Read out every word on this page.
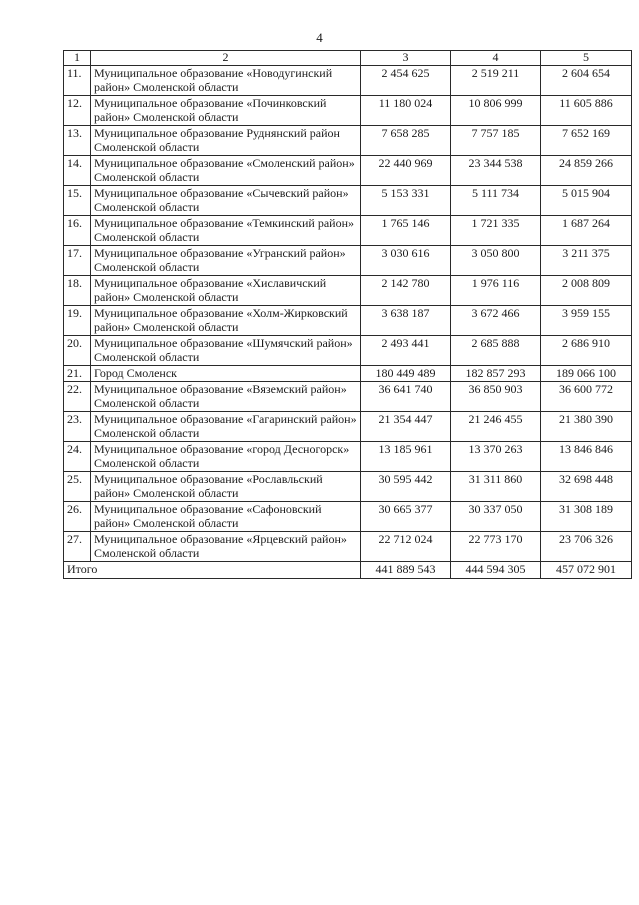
4
1	2	3	4	5
11.	Муниципальное образование «Новодугинский район» Смоленской области	2 454 625	2 519 211	2 604 654
12.	Муниципальное образование «Починковский район» Смоленской области	11 180 024	10 806 999	11 605 886
13.	Муниципальное образование Руднянский район Смоленской области	7 658 285	7 757 185	7 652 169
14.	Муниципальное образование «Смоленский район» Смоленской области	22 440 969	23 344 538	24 859 266
15.	Муниципальное образование «Сычевский район» Смоленской области	5 153 331	5 111 734	5 015 904
16.	Муниципальное образование «Темкинский район» Смоленской области	1 765 146	1 721 335	1 687 264
17.	Муниципальное образование «Угранский район» Смоленской области	3 030 616	3 050 800	3 211 375
18.	Муниципальное образование «Хиславичский район» Смоленской области	2 142 780	1 976 116	2 008 809
19.	Муниципальное образование «Холм-Жирковский район» Смоленской области	3 638 187	3 672 466	3 959 155
20.	Муниципальное образование «Шумячский район» Смоленской области	2 493 441	2 685 888	2 686 910
21.	Город Смоленск	180 449 489	182 857 293	189 066 100
22.	Муниципальное образование «Вяземский район» Смоленской области	36 641 740	36 850 903	36 600 772
23.	Муниципальное образование «Гагаринский район» Смоленской области	21 354 447	21 246 455	21 380 390
24.	Муниципальное образование «город Десногорск» Смоленской области	13 185 961	13 370 263	13 846 846
25.	Муниципальное образование «Рославльский район» Смоленской области	30 595 442	31 311 860	32 698 448
26.	Муниципальное образование «Сафоновский район» Смоленской области	30 665 377	30 337 050	31 308 189
27.	Муниципальное образование «Ярцевский район» Смоленской области	22 712 024	22 773 170	23 706 326
Итого		441 889 543	444 594 305	457 072 901
